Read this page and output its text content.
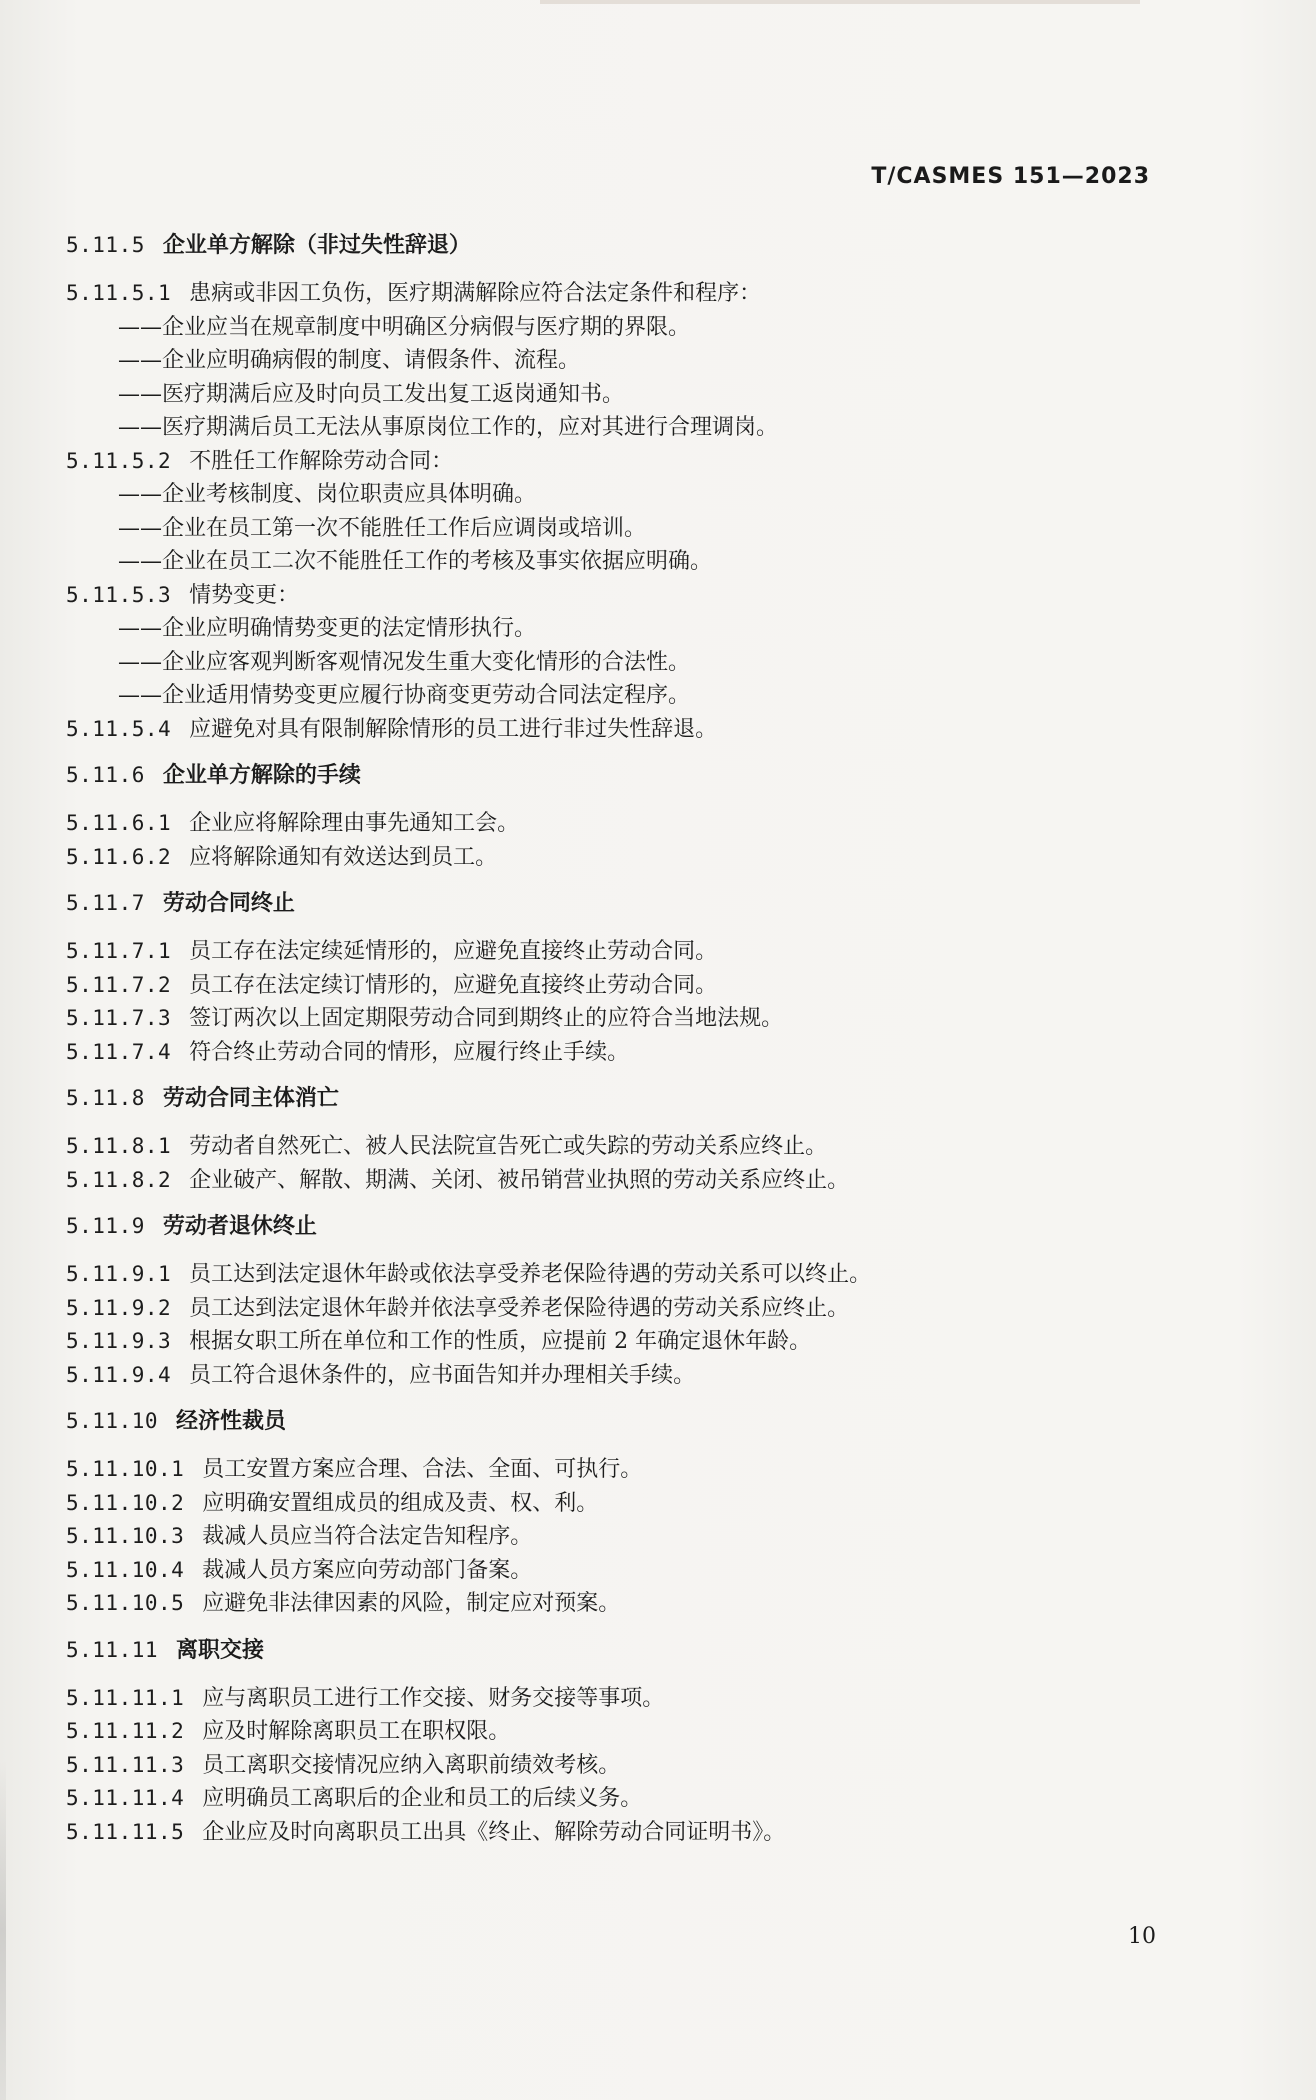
T/CASMES 151—2023
5.11.5 企业单方解除（非过失性辞退）
5.11.5.1 患病或非因工负伤，医疗期满解除应符合法定条件和程序：
——企业应当在规章制度中明确区分病假与医疗期的界限。
——企业应明确病假的制度、请假条件、流程。
——医疗期满后应及时向员工发出复工返岗通知书。
——医疗期满后员工无法从事原岗位工作的，应对其进行合理调岗。
5.11.5.2 不胜任工作解除劳动合同：
——企业考核制度、岗位职责应具体明确。
——企业在员工第一次不能胜任工作后应调岗或培训。
——企业在员工二次不能胜任工作的考核及事实依据应明确。
5.11.5.3 情势变更：
——企业应明确情势变更的法定情形执行。
——企业应客观判断客观情况发生重大变化情形的合法性。
——企业适用情势变更应履行协商变更劳动合同法定程序。
5.11.5.4 应避免对具有限制解除情形的员工进行非过失性辞退。
5.11.6 企业单方解除的手续
5.11.6.1 企业应将解除理由事先通知工会。
5.11.6.2 应将解除通知有效送达到员工。
5.11.7 劳动合同终止
5.11.7.1 员工存在法定续延情形的，应避免直接终止劳动合同。
5.11.7.2 员工存在法定续订情形的，应避免直接终止劳动合同。
5.11.7.3 签订两次以上固定期限劳动合同到期终止的应符合当地法规。
5.11.7.4 符合终止劳动合同的情形，应履行终止手续。
5.11.8 劳动合同主体消亡
5.11.8.1 劳动者自然死亡、被人民法院宣告死亡或失踪的劳动关系应终止。
5.11.8.2 企业破产、解散、期满、关闭、被吊销营业执照的劳动关系应终止。
5.11.9 劳动者退休终止
5.11.9.1 员工达到法定退休年龄或依法享受养老保险待遇的劳动关系可以终止。
5.11.9.2 员工达到法定退休年龄并依法享受养老保险待遇的劳动关系应终止。
5.11.9.3 根据女职工所在单位和工作的性质，应提前 2 年确定退休年龄。
5.11.9.4 员工符合退休条件的，应书面告知并办理相关手续。
5.11.10 经济性裁员
5.11.10.1 员工安置方案应合理、合法、全面、可执行。
5.11.10.2 应明确安置组成员的组成及责、权、利。
5.11.10.3 裁减人员应当符合法定告知程序。
5.11.10.4 裁减人员方案应向劳动部门备案。
5.11.10.5 应避免非法律因素的风险，制定应对预案。
5.11.11 离职交接
5.11.11.1 应与离职员工进行工作交接、财务交接等事项。
5.11.11.2 应及时解除离职员工在职权限。
5.11.11.3 员工离职交接情况应纳入离职前绩效考核。
5.11.11.4 应明确员工离职后的企业和员工的后续义务。
5.11.11.5 企业应及时向离职员工出具《终止、解除劳动合同证明书》。
10
